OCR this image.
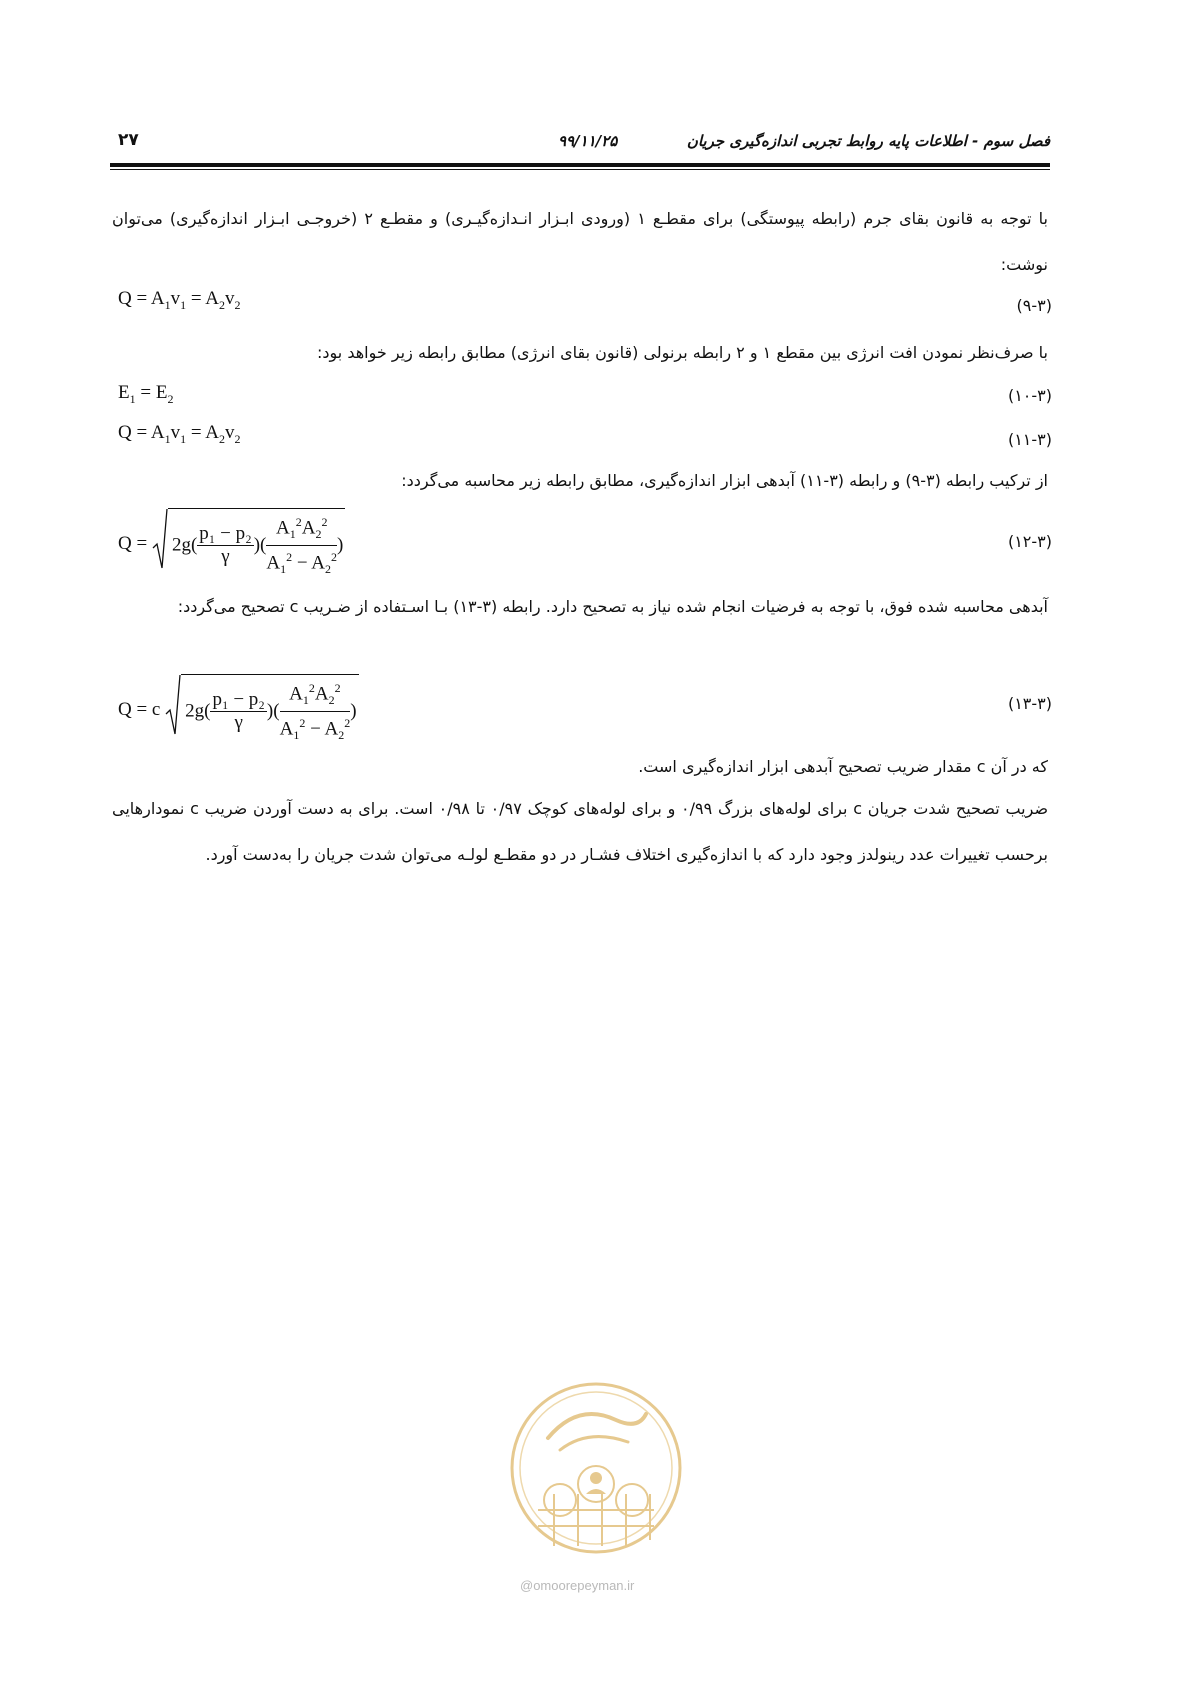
فصل سوم - اطلاعات پایه روابط تجربی اندازه‌گیری جریان
۹۹/۱۱/۲۵
۲۷
با توجه به قانون بقای جرم (رابطه پیوستگی) برای مقطـع ۱ (ورودی ابـزار انـدازه‌گیـری) و مقطـع ۲ (خروجـی ابـزار اندازه‌گیری) می‌توان نوشت:
$Q = A_1v_1 = A_2v_2$	(۹-۳)
با صرف‌نظر نمودن افت انرژی بین مقطع ۱ و ۲ رابطه برنولی (قانون بقای انرژی) مطابق رابطه زیر خواهد بود:
$E_1 = E_2$	(۱۰-۳)
$Q = A_1v_1 = A_2v_2$	(۱۱-۳)
از ترکیب رابطه (۳-۹) و رابطه (۳-۱۱) آبدهی ابزار اندازه‌گیری، مطابق رابطه زیر محاسبه می‌گردد:
$Q = 2g( \frac{\text{p₁ − p₂}}{\gamma}$ )( $\frac{A_1^2A_2^2}{A_1^2 - A_2^2}$ )	(۱۲-۳)
آبدهی محاسبه شده فوق، با توجه به فرضیات انجام شده نیاز به تصحیح دارد. رابطه (۳-۱۳) بـا اسـتفاده از ضـریب c تصحیح می‌گردد:
Q = c $2g( \frac{\text{p₁ − p₂}}{\gamma}$ )( $\frac{A_1^2A_2^2}{A_1^2 - A_2^2}$ )	(۱۳-۳)
که در آن c مقدار ضریب تصحیح آبدهی ابزار اندازه‌گیری است.
ضریب تصحیح شدت جریان c برای لوله‌های بزرگ ۰/۹۹ و برای لوله‌های کوچک ۰/۹۷ تا ۰/۹۸ است. برای به دست آوردن ضریب c نمودارهایی برحسب تغییرات عدد رینولدز وجود دارد که با اندازه‌گیری اختلاف فشـار در دو مقطـع لولـه می‌توان شدت جریان را به‌دست آورد.
@omoorepeyman.ir
